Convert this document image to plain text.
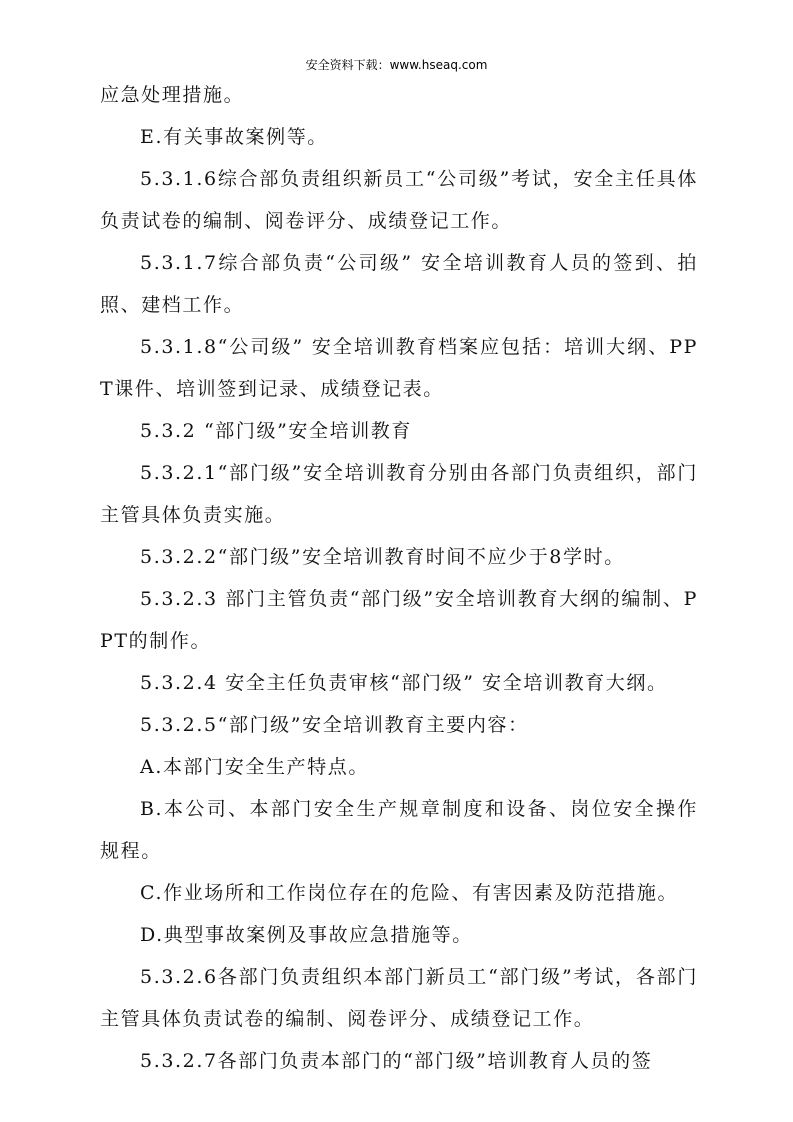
安全资料下载：www.hseaq.com

应急处理措施。

E.有关事故案例等。

5.3.1.6综合部负责组织新员工“公司级”考试，安全主任具体负责试卷的编制、阅卷评分、成绩登记工作。

5.3.1.7综合部负责“公司级” 安全培训教育人员的签到、拍照、建档工作。

5.3.1.8“公司级” 安全培训教育档案应包括：培训大纲、PPT课件、培训签到记录、成绩登记表。

5.3.2 “部门级”安全培训教育

5.3.2.1“部门级”安全培训教育分别由各部门负责组织，部门主管具体负责实施。

5.3.2.2“部门级”安全培训教育时间不应少于8学时。

5.3.2.3 部门主管负责“部门级”安全培训教育大纲的编制、PPT的制作。

5.3.2.4 安全主任负责审核“部门级” 安全培训教育大纲。

5.3.2.5“部门级”安全培训教育主要内容：

A.本部门安全生产特点。

B.本公司、本部门安全生产规章制度和设备、岗位安全操作规程。

C.作业场所和工作岗位存在的危险、有害因素及防范措施。

D.典型事故案例及事故应急措施等。

5.3.2.6各部门负责组织本部门新员工“部门级”考试，各部门主管具体负责试卷的编制、阅卷评分、成绩登记工作。

5.3.2.7各部门负责本部门的“部门级”培训教育人员的签
